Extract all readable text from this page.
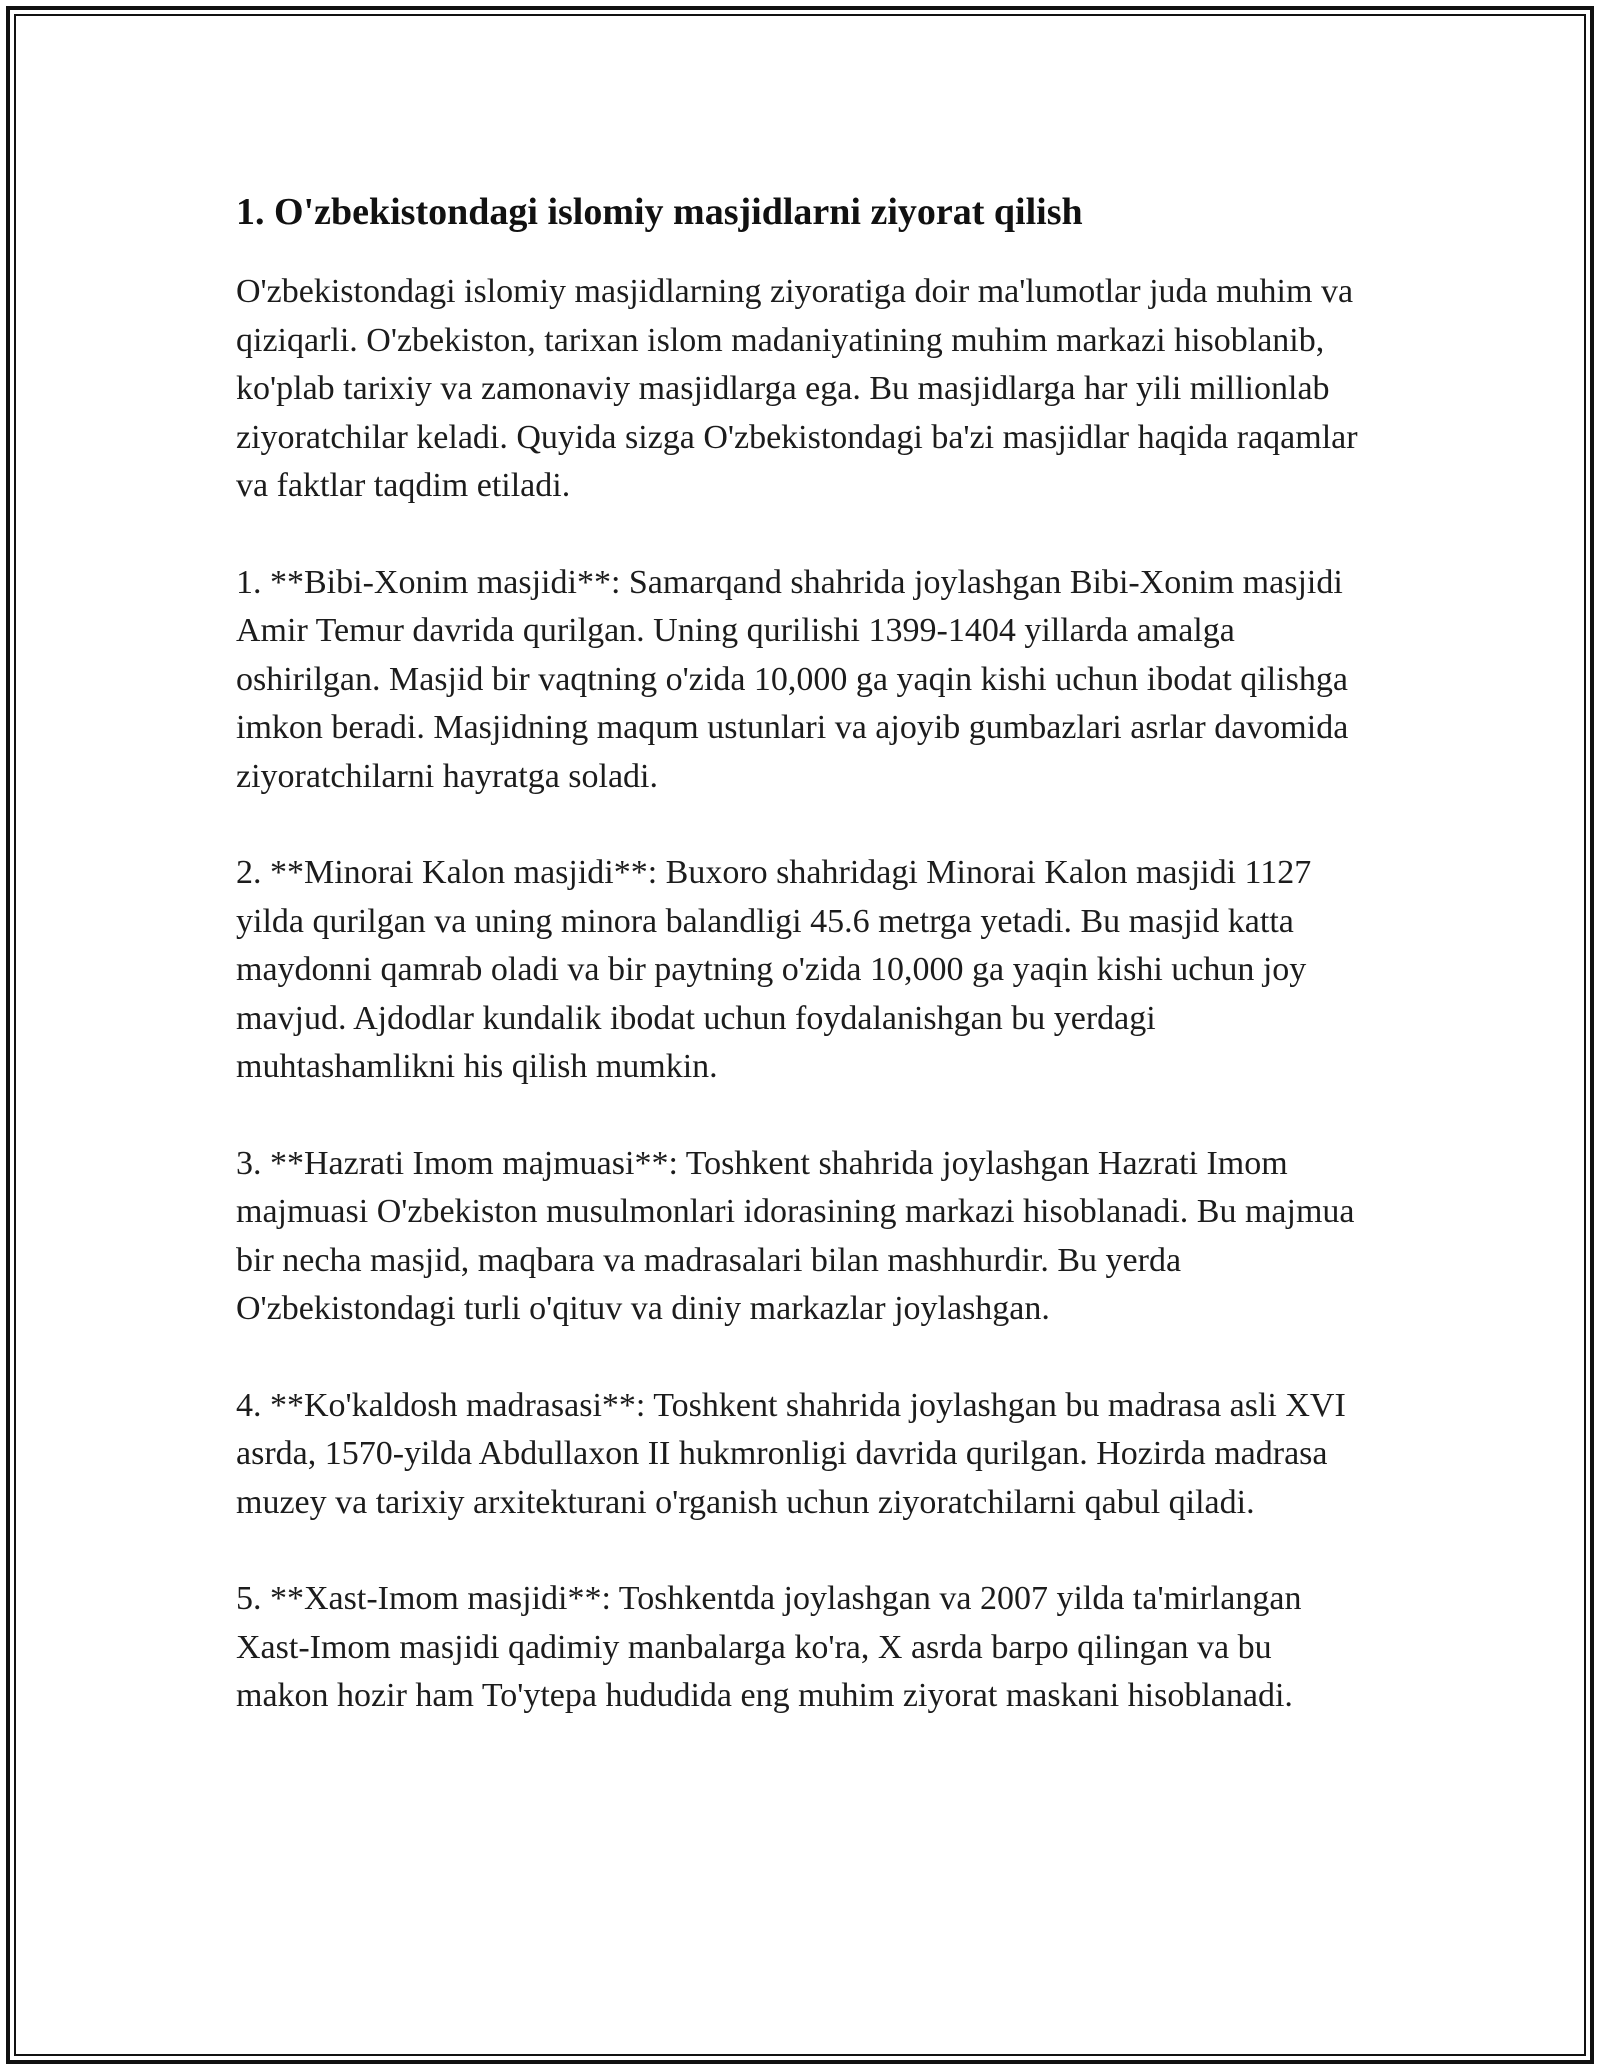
1. O'zbekistondagi islomiy masjidlarni ziyorat qilish

O'zbekistondagi islomiy masjidlarning ziyoratiga doir ma'lumotlar juda muhim va qiziqarli. O'zbekiston, tarixan islom madaniyatining muhim markazi hisoblanib, ko'plab tarixiy va zamonaviy masjidlarga ega. Bu masjidlarga har yili millionlab ziyoratchilar keladi. Quyida sizga O'zbekistondagi ba'zi masjidlar haqida raqamlar va faktlar taqdim etiladi.

1. **Bibi-Xonim masjidi**: Samarqand shahrida joylashgan Bibi-Xonim masjidi Amir Temur davrida qurilgan. Uning qurilishi 1399-1404 yillarda amalga oshirilgan. Masjid bir vaqtning o'zida 10,000 ga yaqin kishi uchun ibodat qilishga imkon beradi. Masjidning maqum ustunlari va ajoyib gumbazlari asrlar davomida ziyoratchilarni hayratga soladi.

2. **Minorai Kalon masjidi**: Buxoro shahridagi Minorai Kalon masjidi 1127 yilda qurilgan va uning minora balandligi 45.6 metrga yetadi. Bu masjid katta maydonni qamrab oladi va bir paytning o'zida 10,000 ga yaqin kishi uchun joy mavjud. Ajdodlar kundalik ibodat uchun foydalanishgan bu yerdagi muhtashamlikni his qilish mumkin.

3. **Hazrati Imom majmuasi**: Toshkent shahrida joylashgan Hazrati Imom majmuasi O'zbekiston musulmonlari idorasining markazi hisoblanadi. Bu majmua bir necha masjid, maqbara va madrasalari bilan mashhurdir. Bu yerda O'zbekistondagi turli o'qituv va diniy markazlar joylashgan.

4. **Ko'kaldosh madrasasi**: Toshkent shahrida joylashgan bu madrasa asli XVI asrda, 1570-yilda Abdullaxon II hukmronligi davrida qurilgan. Hozirda madrasa muzey va tarixiy arxitekturani o'rganish uchun ziyoratchilarni qabul qiladi.

5. **Xast-Imom masjidi**: Toshkentda joylashgan va 2007 yilda ta'mirlangan Xast-Imom masjidi qadimiy manbalarga ko'ra, X asrda barpo qilingan va bu makon hozir ham To'ytepa hududida eng muhim ziyorat maskani hisoblanadi.
